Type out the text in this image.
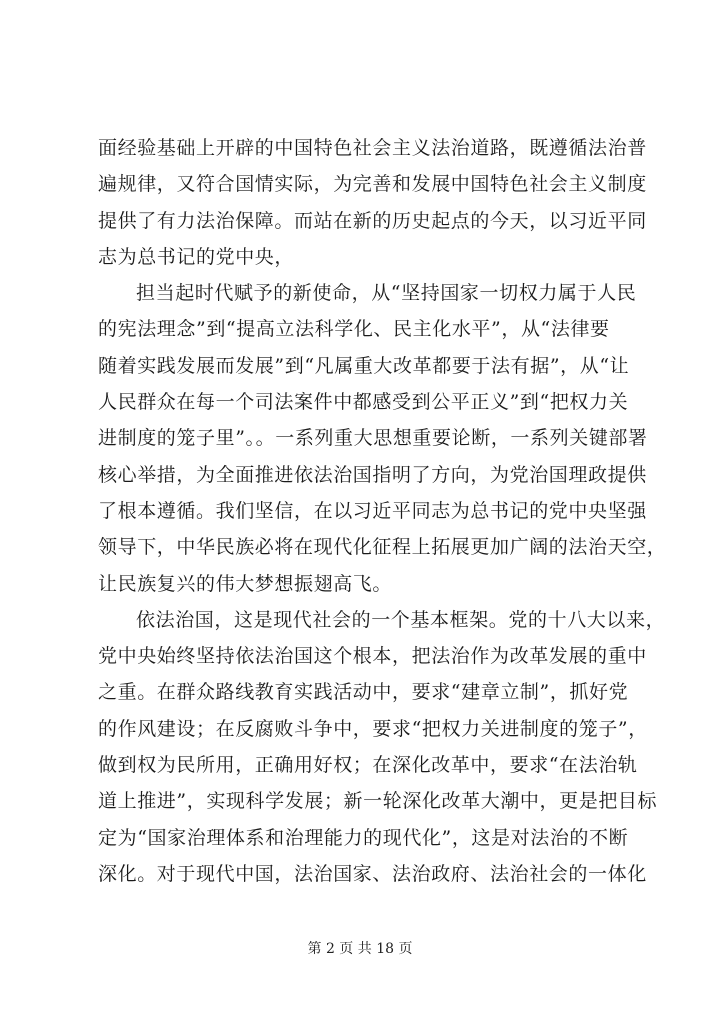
面经验基础上开辟的中国特色社会主义法治道路，既遵循法治普
遍规律，又符合国情实际，为完善和发展中国特色社会主义制度
提供了有力法治保障。而站在新的历史起点的今天，以习近平同
志为总书记的党中央，
担当起时代赋予的新使命，从“坚持国家一切权力属于人民
的宪法理念”到“提高立法科学化、民主化水平”，从“法律要
随着实践发展而发展”到“凡属重大改革都要于法有据”，从“让
人民群众在每一个司法案件中都感受到公平正义”到“把权力关
进制度的笼子里”。。一系列重大思想重要论断，一系列关键部署
核心举措，为全面推进依法治国指明了方向，为党治国理政提供
了根本遵循。我们坚信，在以习近平同志为总书记的党中央坚强
领导下，中华民族必将在现代化征程上拓展更加广阔的法治天空，
让民族复兴的伟大梦想振翅高飞。
依法治国，这是现代社会的一个基本框架。党的十八大以来，
党中央始终坚持依法治国这个根本，把法治作为改革发展的重中
之重。在群众路线教育实践活动中，要求“建章立制”，抓好党
的作风建设；在反腐败斗争中，要求“把权力关进制度的笼子”，
做到权为民所用，正确用好权；在深化改革中，要求“在法治轨
道上推进”，实现科学发展；新一轮深化改革大潮中，更是把目标
定为“国家治理体系和治理能力的现代化”，这是对法治的不断
深化。对于现代中国，法治国家、法治政府、法治社会的一体化
第 2 页 共 18 页
